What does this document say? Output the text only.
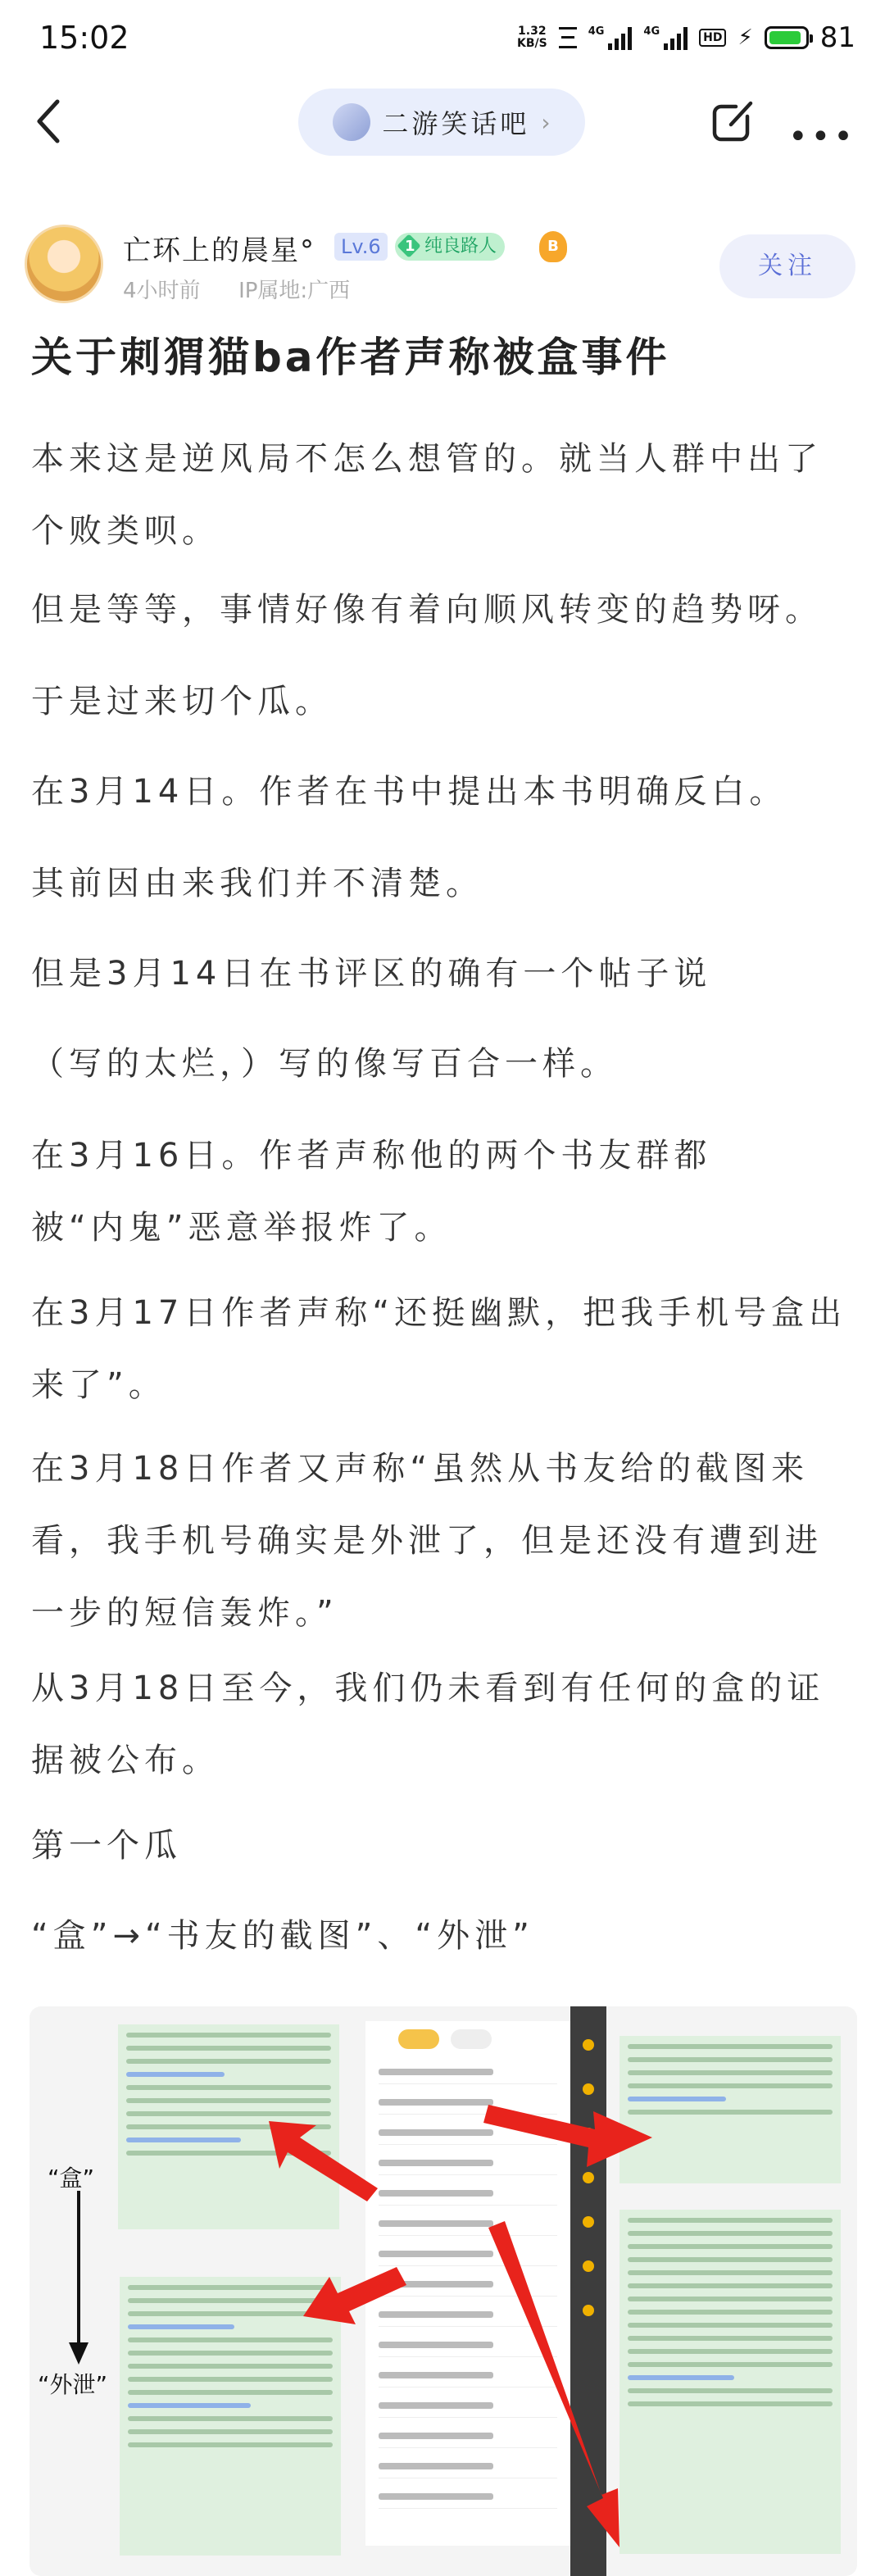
15:02	1.32
KB/S
4G	4G	HD ⚡ 81
二游笑话吧 ›	•••
亡环上的晨星°	Lv.6	1 纯良路人	B
4小时前 IP属地:广西
关注
关于刺猬猫ba作者声称被盒事件
本来这是逆风局不怎么想管的。就当人群中出了个败类呗。
但是等等，事情好像有着向顺风转变的趋势呀。
于是过来切个瓜。
在3月14日。作者在书中提出本书明确反白。
其前因由来我们并不清楚。
但是3月14日在书评区的确有一个帖子说
（写的太烂，）写的像写百合一样。
在3月16日。作者声称他的两个书友群都被“内鬼”恶意举报炸了。
在3月17日作者声称“还挺幽默，把我手机号盒出来了”。
在3月18日作者又声称“虽然从书友给的截图来看，我手机号确实是外泄了，但是还没有遭到进一步的短信轰炸。”
从3月18日至今，我们仍未看到有任何的盒的证据被公布。
第一个瓜
“盒”→“书友的截图”、“外泄”
“盒”
“外泄”
